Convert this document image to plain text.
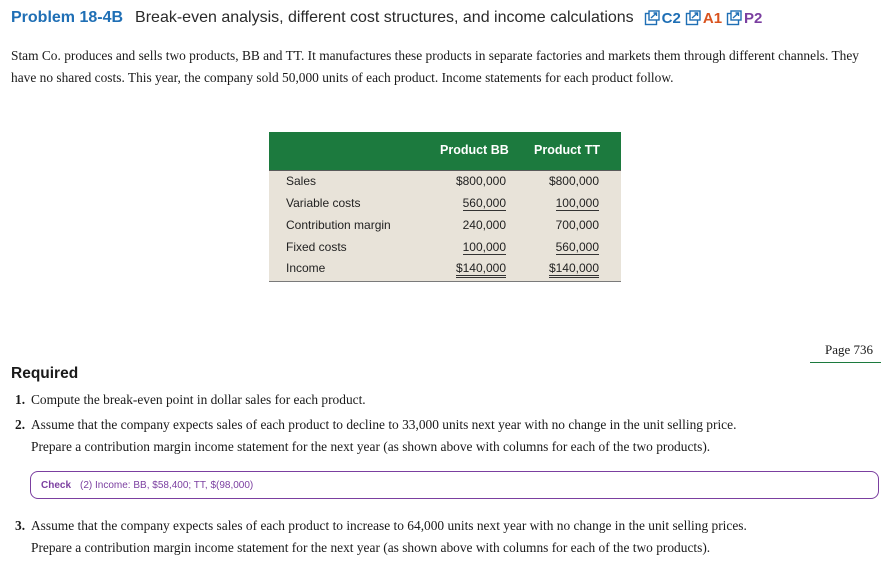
Problem 18-4B Break-even analysis, different cost structures, and income calculations C2 A1 P2
Stam Co. produces and sells two products, BB and TT. It manufactures these products in separate factories and markets them through different channels. They have no shared costs. This year, the company sold 50,000 units of each product. Income statements for each product follow.
Product BB Product TT
Sales	$800,000	$800,000
Variable costs	560,000	100,000
Contribution margin	240,000	700,000
Fixed costs	100,000	560,000
Income	$140,000	$140,000
Page 736
Required
1. Compute the break-even point in dollar sales for each product.
2. Assume that the company expects sales of each product to decline to 33,000 units next year with no change in the unit selling price.
Prepare a contribution margin income statement for the next year (as shown above with columns for each of the two products).
Check (2) Income: BB, $58,400; TT, $(98,000)
3. Assume that the company expects sales of each product to increase to 64,000 units next year with no change in the unit selling prices.
Prepare a contribution margin income statement for the next year (as shown above with columns for each of the two products).
